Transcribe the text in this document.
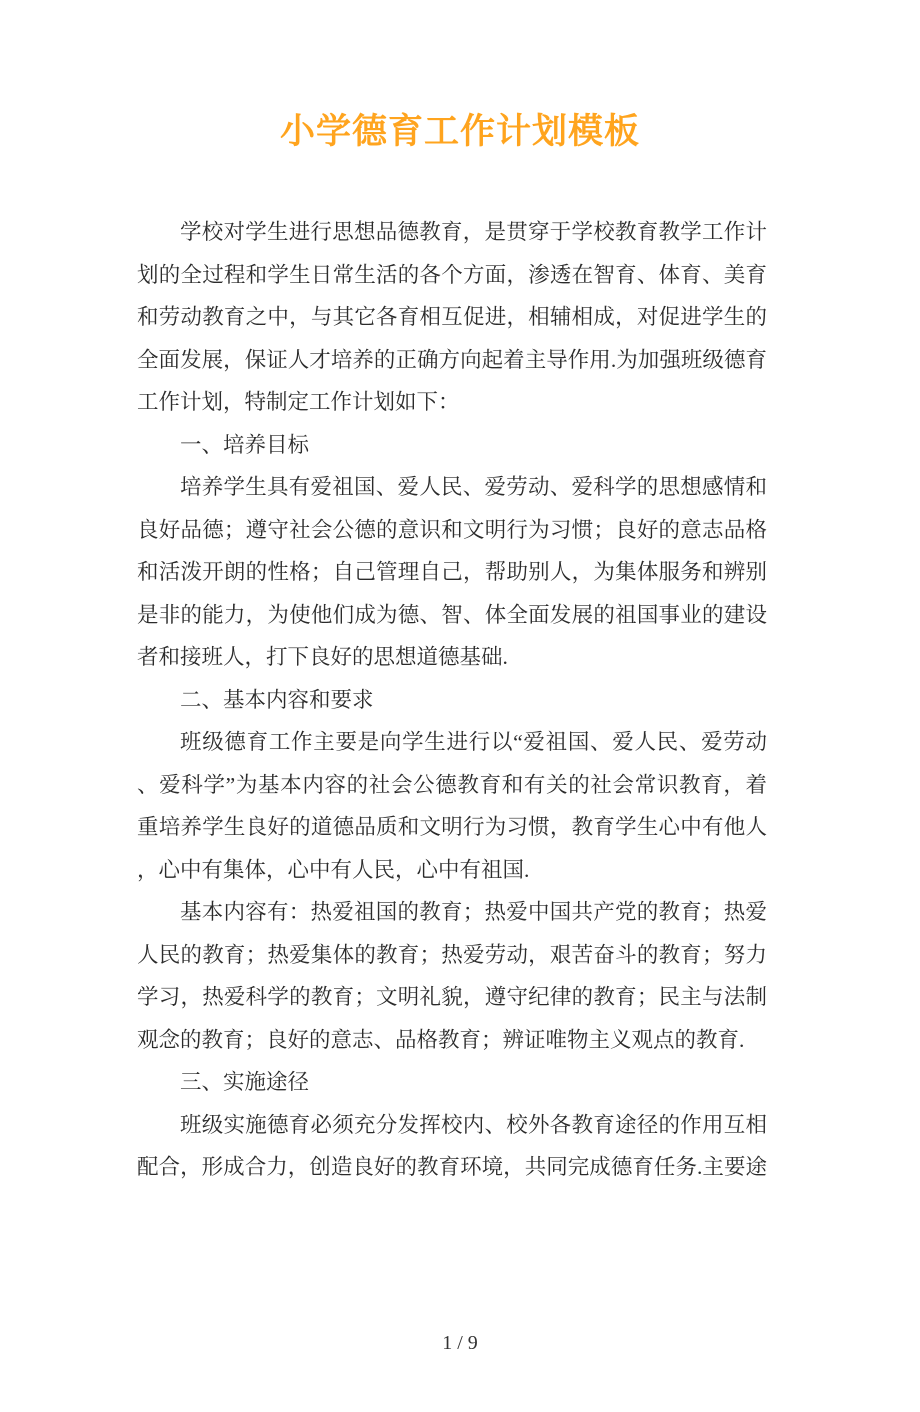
小学德育工作计划模板
学校对学生进行思想品德教育，是贯穿于学校教育教学工作计
划的全过程和学生日常生活的各个方面，渗透在智育、体育、美育
和劳动教育之中，与其它各育相互促进，相辅相成，对促进学生的
全面发展，保证人才培养的正确方向起着主导作用.为加强班级德育
工作计划，特制定工作计划如下：
一、培养目标
培养学生具有爱祖国、爱人民、爱劳动、爱科学的思想感情和
良好品德；遵守社会公德的意识和文明行为习惯；良好的意志品格
和活泼开朗的性格；自己管理自己，帮助别人，为集体服务和辨别
是非的能力，为使他们成为德、智、体全面发展的祖国事业的建设
者和接班人，打下良好的思想道德基础.
二、基本内容和要求
班级德育工作主要是向学生进行以“爱祖国、爱人民、爱劳动
、爱科学”为基本内容的社会公德教育和有关的社会常识教育，着
重培养学生良好的道德品质和文明行为习惯，教育学生心中有他人
，心中有集体，心中有人民，心中有祖国.
基本内容有：热爱祖国的教育；热爱中国共产党的教育；热爱
人民的教育；热爱集体的教育；热爱劳动，艰苦奋斗的教育；努力
学习，热爱科学的教育；文明礼貌，遵守纪律的教育；民主与法制
观念的教育；良好的意志、品格教育；辨证唯物主义观点的教育.
三、实施途径
班级实施德育必须充分发挥校内、校外各教育途径的作用互相
配合，形成合力，创造良好的教育环境，共同完成德育任务.主要途
1 / 9
